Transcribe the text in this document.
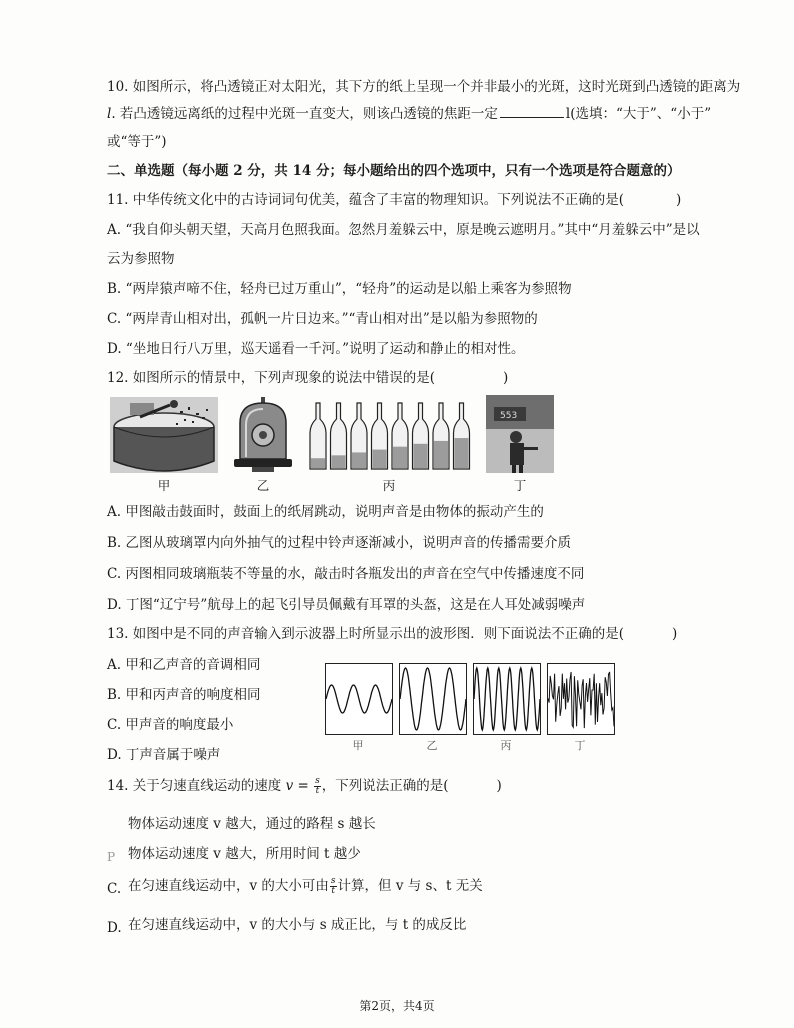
10. 如图所示，将凸透镜正对太阳光，其下方的纸上呈现一个并非最小的光斑，这时光斑到凸透镜的距离为
l. 若凸透镜远离纸的过程中光斑一直变大，则该凸透镜的焦距一定	l(选填：“大于”、“小于”
或“等于”)
二、单选题（每小题 2 分，共 14 分；每小题给出的四个选项中，只有一个选项是符合题意的）
11. 中华传统文化中的古诗词词句优美，蕴含了丰富的物理知识。下列说法不正确的是(	)
A. “我自仰头朝天望，天高月色照我面。忽然月羞躲云中，原是晚云遮明月。”其中“月羞躲云中”是以
云为参照物
B. “两岸猿声啼不住，轻舟已过万重山”，“轻舟”的运动是以船上乘客为参照物
C. “两岸青山相对出，孤帆一片日边来。”“青山相对出”是以船为参照物的
D. “坐地日行八万里，巡天遥看一千河。”说明了运动和静止的相对性。
12. 如图所示的情景中，下列声现象的说法中错误的是(	)
甲	乙	丙
553
丁
A. 甲图敲击鼓面时，鼓面上的纸屑跳动，说明声音是由物体的振动产生的
B. 乙图从玻璃罩内向外抽气的过程中铃声逐渐减小，说明声音的传播需要介质
C. 丙图相同玻璃瓶装不等量的水，敲击时各瓶发出的声音在空气中传播速度不同
D. 丁图“辽宁号”航母上的起飞引导员佩戴有耳罩的头盔，这是在人耳处减弱噪声
13. 如图中是不同的声音输入到示波器上时所显示出的波形图．则下面说法不正确的是(	)
A. 甲和乙声音的音调相同
B. 甲和丙声音的响度相同
C. 甲声音的响度最小
D. 丁声音属于噪声
甲	乙	丙	丁
14. 关于匀速直线运动的速度 $v = \frac{s}{t}$ ，下列说法正确的是(	)
物体运动速度 v 越大，通过的路程 s 越长
P 物体运动速度 v 越大，所用时间 t 越少
C. 在匀速直线运动中，v 的大小可由 $\frac{s}{t}$ 计算，但 v 与 s、t 无关
D. 在匀速直线运动中，v 的大小与 s 成正比，与 t 的成反比
第2页，共4页
